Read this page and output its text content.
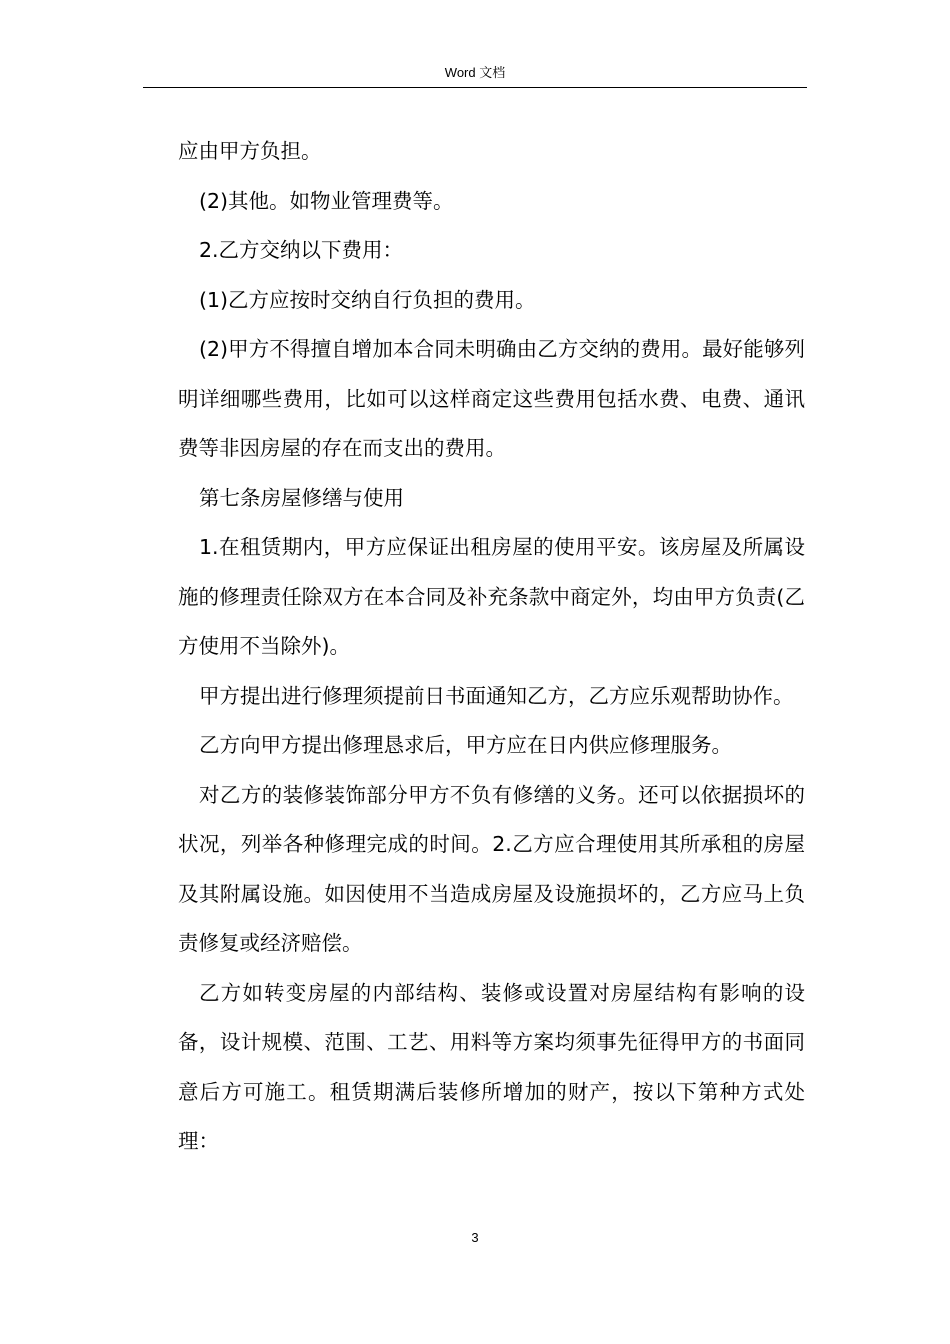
Word 文档

应由甲方负担。

(2)其他。如物业管理费等。

2.乙方交纳以下费用：

(1)乙方应按时交纳自行负担的费用。

(2)甲方不得擅自增加本合同未明确由乙方交纳的费用。最好能够列明详细哪些费用，比如可以这样商定这些费用包括水费、电费、通讯费等非因房屋的存在而支出的费用。

第七条房屋修缮与使用

1.在租赁期内，甲方应保证出租房屋的使用平安。该房屋及所属设施的修理责任除双方在本合同及补充条款中商定外，均由甲方负责(乙方使用不当除外)。

甲方提出进行修理须提前日书面通知乙方，乙方应乐观帮助协作。

乙方向甲方提出修理恳求后，甲方应在日内供应修理服务。

对乙方的装修装饰部分甲方不负有修缮的义务。还可以依据损坏的状况，列举各种修理完成的时间。2.乙方应合理使用其所承租的房屋及其附属设施。如因使用不当造成房屋及设施损坏的，乙方应马上负责修复或经济赔偿。

乙方如转变房屋的内部结构、装修或设置对房屋结构有影响的设备，设计规模、范围、工艺、用料等方案均须事先征得甲方的书面同意后方可施工。租赁期满后装修所增加的财产，按以下第种方式处理：

3
